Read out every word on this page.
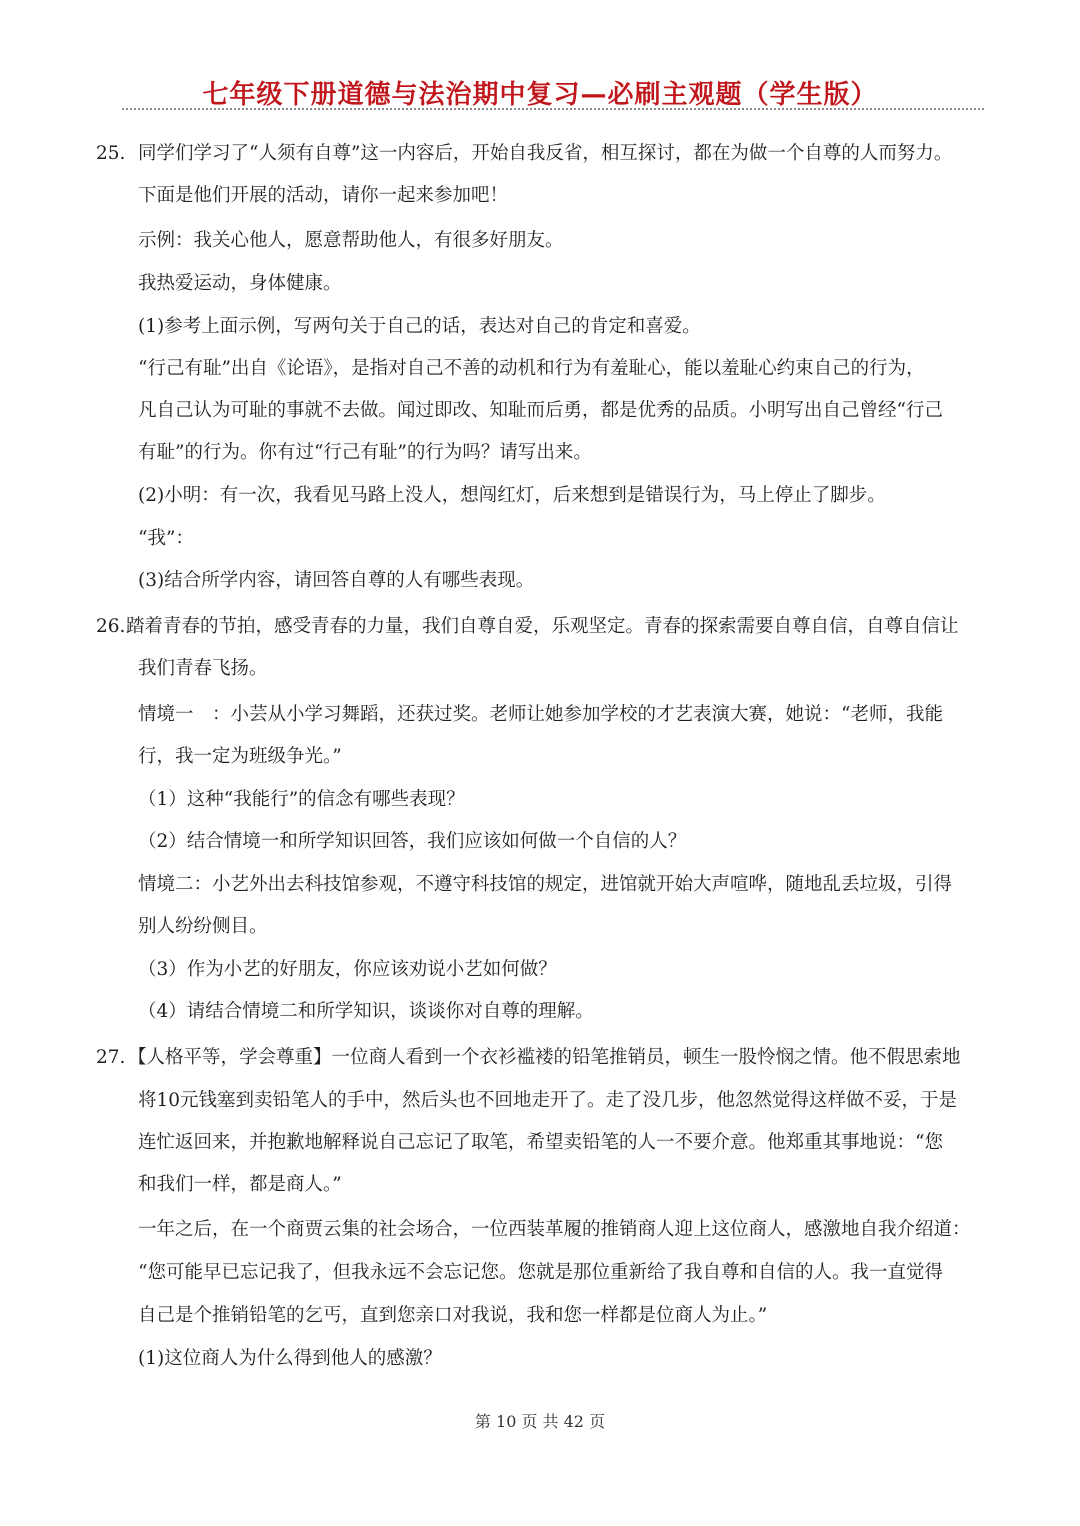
七年级下册道德与法治期中复习—必刷主观题（学生版）
25. 同学们学习了“人须有自尊”这一内容后，开始自我反省，相互探讨，都在为做一个自尊的人而努力。
下面是他们开展的活动，请你一起来参加吧！
示例：我关心他人，愿意帮助他人，有很多好朋友。
我热爱运动，身体健康。
(1)参考上面示例，写两句关于自己的话，表达对自己的肯定和喜爱。
“行己有耻”出自《论语》，是指对自己不善的动机和行为有羞耻心，能以羞耻心约束自己的行为，
凡自己认为可耻的事就不去做。闻过即改、知耻而后勇，都是优秀的品质。小明写出自己曾经“行己
有耻”的行为。你有过“行己有耻”的行为吗？请写出来。
(2)小明：有一次，我看见马路上没人，想闯红灯，后来想到是错误行为，马上停止了脚步。
“我”：
(3)结合所学内容，请回答自尊的人有哪些表现。
26. 踏着青春的节拍，感受青春的力量，我们自尊自爱，乐观坚定。青春的探索需要自尊自信，自尊自信让
我们青春飞扬。
情境一　：小芸从小学习舞蹈，还获过奖。老师让她参加学校的才艺表演大赛，她说：“老师，我能
行，我一定为班级争光。”
（1）这种“我能行”的信念有哪些表现？
（2）结合情境一和所学知识回答，我们应该如何做一个自信的人？
情境二：小艺外出去科技馆参观，不遵守科技馆的规定，进馆就开始大声喧哗，随地乱丢垃圾，引得
别人纷纷侧目。
（3）作为小艺的好朋友，你应该劝说小艺如何做？
（4）请结合情境二和所学知识，谈谈你对自尊的理解。
27. 【人格平等，学会尊重】一位商人看到一个衣衫褴褛的铅笔推销员，顿生一股怜悯之情。他不假思索地
将10元钱塞到卖铅笔人的手中，然后头也不回地走开了。走了没几步，他忽然觉得这样做不妥，于是
连忙返回来，并抱歉地解释说自己忘记了取笔，希望卖铅笔的人一不要介意。他郑重其事地说：“您
和我们一样，都是商人。”
一年之后，在一个商贾云集的社会场合，一位西装革履的推销商人迎上这位商人，感激地自我介绍道：
“您可能早已忘记我了，但我永远不会忘记您。您就是那位重新给了我自尊和自信的人。我一直觉得
自己是个推销铅笔的乞丐，直到您亲口对我说，我和您一样都是位商人为止。”
(1)这位商人为什么得到他人的感激？
第 10 页 共 42 页
